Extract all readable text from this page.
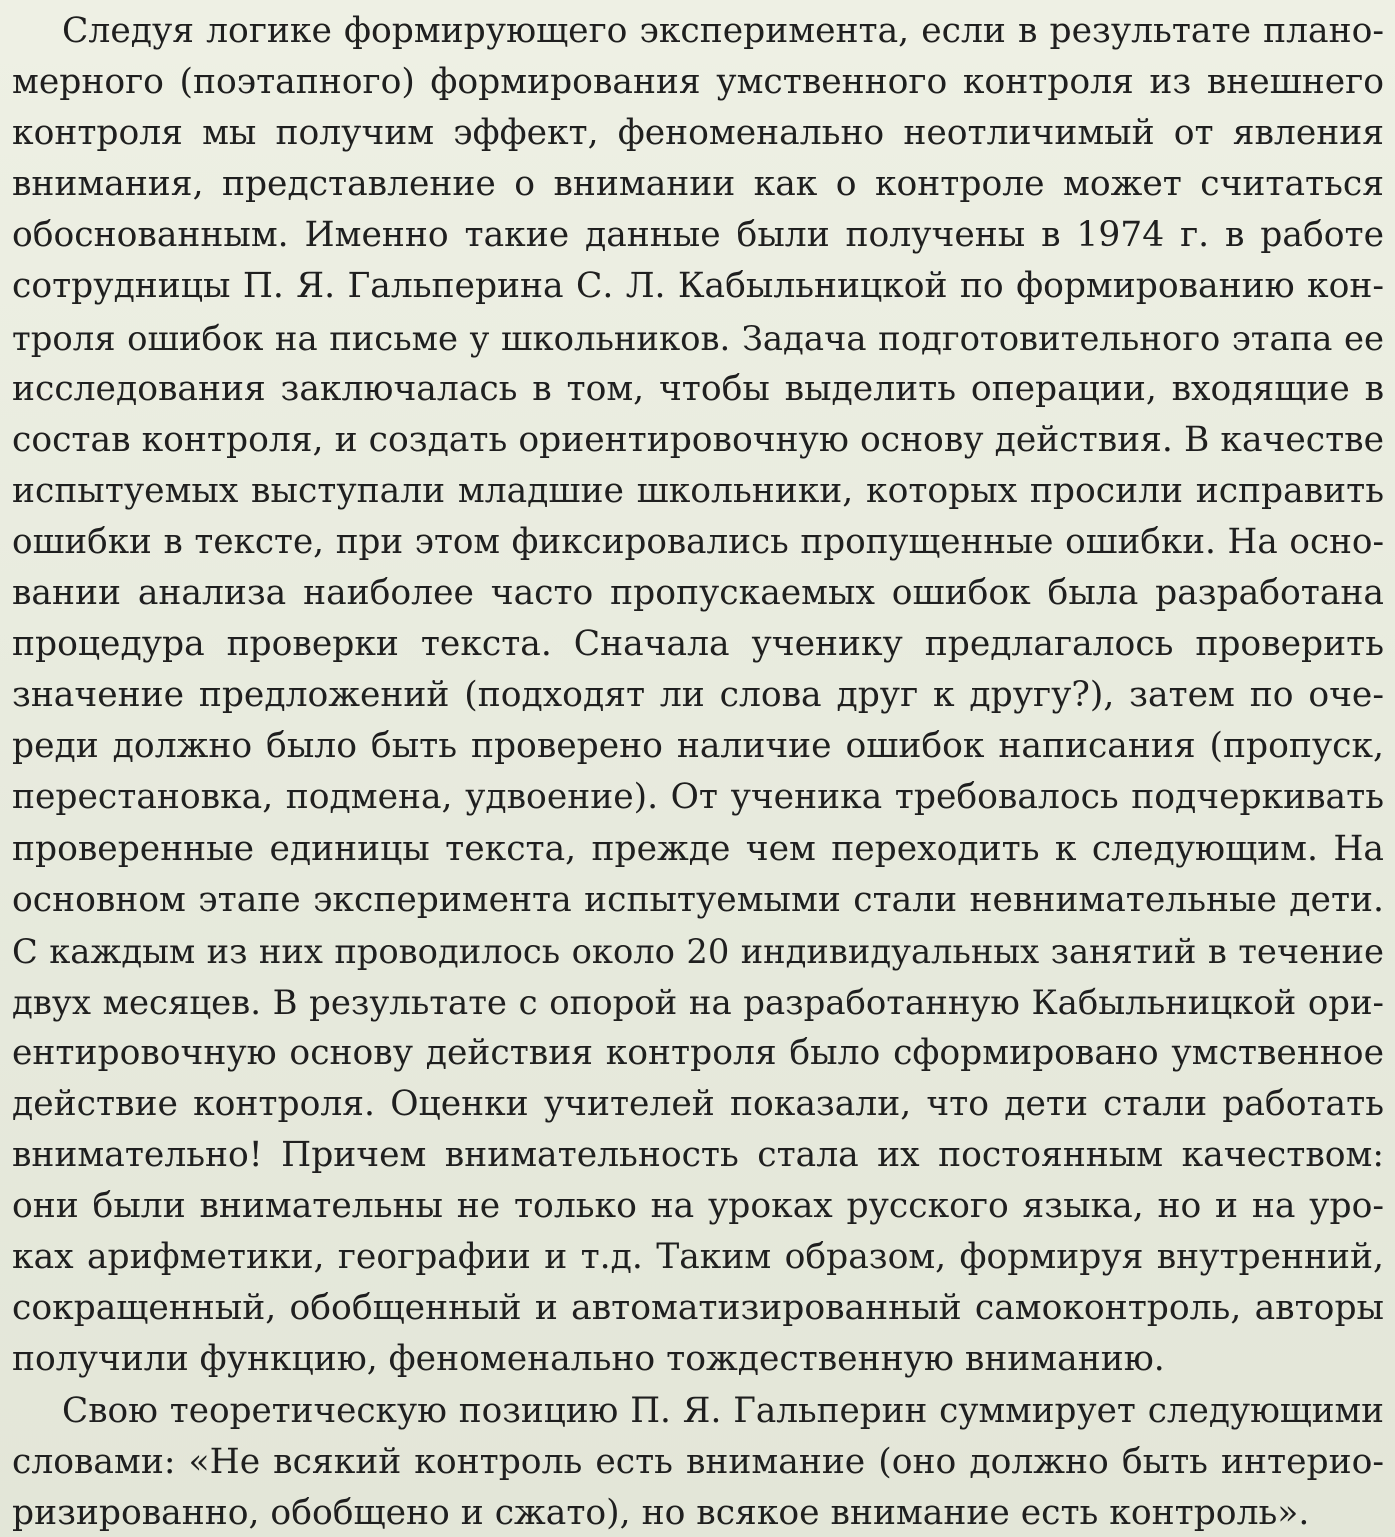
Следуя логике формирующего эксперимента, если в результате плано-
мерного (поэтапного) формирования умственного контроля из внешнего
контроля мы получим эффект, феноменально неотличимый от явления
внимания, представление о внимании как о контроле может считаться
обоснованным. Именно такие данные были получены в 1974 г. в работе
сотрудницы П. Я. Гальперина С. Л. Кабыльницкой по формированию кон-
троля ошибок на письме у школьников. Задача подготовительного этапа ее
исследования заключалась в том, чтобы выделить операции, входящие в
состав контроля, и создать ориентировочную основу действия. В качестве
испытуемых выступали младшие школьники, которых просили исправить
ошибки в тексте, при этом фиксировались пропущенные ошибки. На осно-
вании анализа наиболее часто пропускаемых ошибок была разработана
процедура проверки текста. Сначала ученику предлагалось проверить
значение предложений (подходят ли слова друг к другу?), затем по оче-
реди должно было быть проверено наличие ошибок написания (пропуск,
перестановка, подмена, удвоение). От ученика требовалось подчеркивать
проверенные единицы текста, прежде чем переходить к следующим. На
основном этапе эксперимента испытуемыми стали невнимательные дети.
С каждым из них проводилось около 20 индивидуальных занятий в течение
двух месяцев. В результате с опорой на разработанную Кабыльницкой ори-
ентировочную основу действия контроля было сформировано умственное
действие контроля. Оценки учителей показали, что дети стали работать
внимательно! Причем внимательность стала их постоянным качеством:
они были внимательны не только на уроках русского языка, но и на уро-
ках арифметики, географии и т.д. Таким образом, формируя внутренний,
сокращенный, обобщенный и автоматизированный самоконтроль, авторы
получили функцию, феноменально тождественную вниманию.
Свою теоретическую позицию П. Я. Гальперин суммирует следующими
словами: «Не всякий контроль есть внимание (оно должно быть интерио-
ризированно, обобщено и сжато), но всякое внимание есть контроль».
